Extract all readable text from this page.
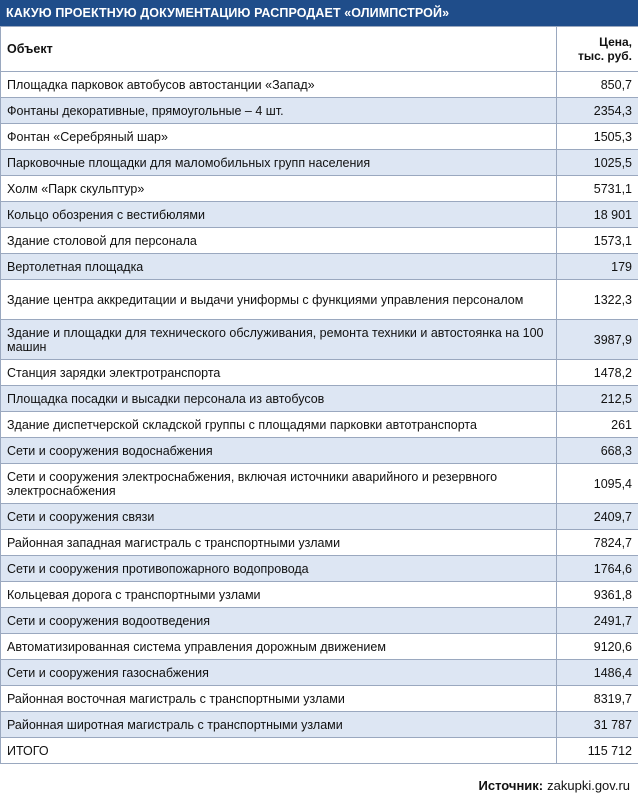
КАКУЮ ПРОЕКТНУЮ ДОКУМЕНТАЦИЮ РАСПРОДАЕТ «ОЛИМПСТРОЙ»
Объект	Цена,
тыс. руб.
Площадка парковок автобусов автостанции «Запад»	850,7
Фонтаны декоративные, прямоугольные – 4 шт.	2354,3
Фонтан «Серебряный шар»	1505,3
Парковочные площадки для маломобильных групп населения	1025,5
Холм «Парк скульптур»	5731,1
Кольцо обозрения с вестибюлями	18 901
Здание столовой для персонала	1573,1
Вертолетная площадка	179
Здание центра аккредитации и выдачи униформы с функциями управления персоналом	1322,3
Здание и площадки для технического обслуживания, ремонта техники и автостоянка на 100 машин	3987,9
Станция зарядки электротранспорта	1478,2
Площадка посадки и высадки персонала из автобусов	212,5
Здание диспетчерской складской группы с площадями парковки автотранспорта	261
Сети и сооружения водоснабжения	668,3
Сети и сооружения электроснабжения, включая источники аварийного и резервного электроснабжения	1095,4
Сети и сооружения связи	2409,7
Районная западная магистраль с транспортными узлами	7824,7
Сети и сооружения противопожарного водопровода	1764,6
Кольцевая дорога с транспортными узлами	9361,8
Сети и сооружения водоотведения	2491,7
Автоматизированная система управления дорожным движением	9120,6
Сети и сооружения газоснабжения	1486,4
Районная восточная магистраль с транспортными узлами	8319,7
Районная широтная магистраль с транспортными узлами	31 787
ИТОГО	115 712
Источник: zakupki.gov.ru
